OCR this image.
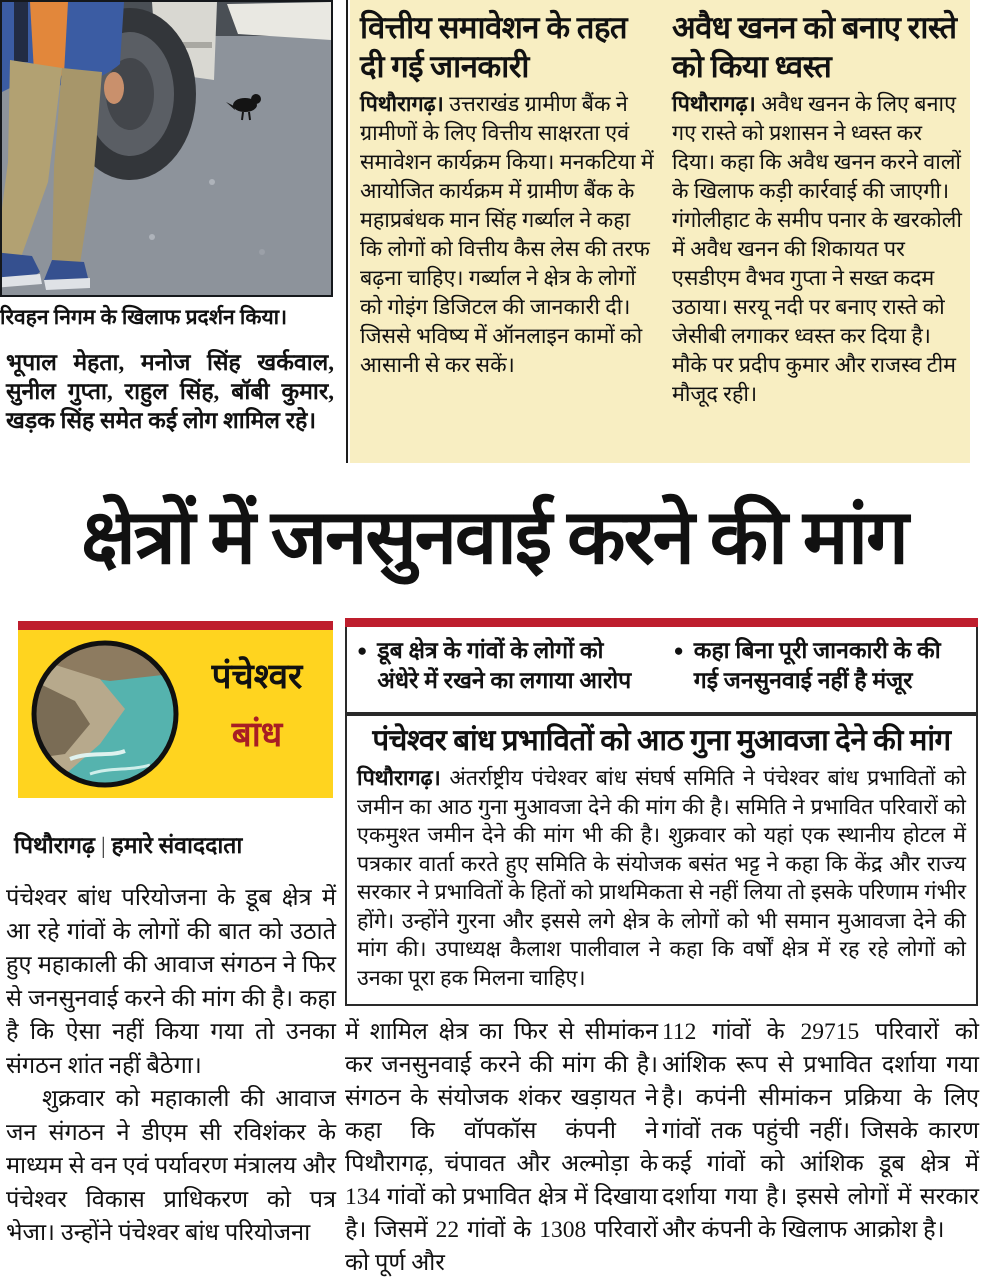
रिवहन निगम के खिलाफ प्रदर्शन किया।
भूपाल मेहता, मनोज सिंह खर्कवाल, सुनील गुप्ता, राहुल सिंह, बॉबी कुमार, खड़क सिंह समेत कई लोग शामिल रहे।
वित्तीय समावेशन के तहत दी गई जानकारी

पिथौरागढ़। उत्तराखंड ग्रामीण बैंक ने ग्रामीणों के लिए वित्तीय साक्षरता एवं समावेशन कार्यक्रम किया। मनकटिया में आयोजित कार्यक्रम में ग्रामीण बैंक के महाप्रबंधक मान सिंह गर्ब्याल ने कहा कि लोगों को वित्तीय कैस लेस की तरफ बढ़ना चाहिए। गर्ब्याल ने क्षेत्र के लोगों को गोइंग डिजिटल की जानकारी दी। जिससे भविष्य में ऑनलाइन कामों को आसानी से कर सकें।

अवैध खनन को बनाए रास्ते को किया ध्वस्त

पिथौरागढ़। अवैध खनन के लिए बनाए गए रास्ते को प्रशासन ने ध्वस्त कर दिया। कहा कि अवैध खनन करने वालों के खिलाफ कड़ी कार्रवाई की जाएगी। गंगोलीहाट के समीप पनार के खरकोली में अवैध खनन की शिकायत पर एसडीएम वैभव गुप्ता ने सख्त कदम उठाया। सरयू नदी पर बनाए रास्ते को जेसीबी लगाकर ध्वस्त कर दिया है। मौके पर प्रदीप कुमार और राजस्व टीम मौजूद रही।

क्षेत्रों में जनसुनवाई करने की मांग
पंचेश्वर
बांध
पिथौरागढ़ | हमारे संवाददाता

पंचेश्वर बांध परियोजना के डूब क्षेत्र में आ रहे गांवों के लोगों की बात को उठाते हुए महाकाली की आवाज संगठन ने फिर से जनसुनवाई करने की मांग की है। कहा है कि ऐसा नहीं किया गया तो उनका संगठन शांत नहीं बैठेगा।

शुक्रवार को महाकाली की आवाज जन संगठन ने डीएम सी रविशंकर के माध्यम से वन एवं पर्यावरण मंत्रालय और पंचेश्वर विकास प्राधिकरण को पत्र भेजा। उन्होंने पंचेश्वर बांध परियोजना

● डूब क्षेत्र के गांवों के लोगों को अंधेरे में रखने का लगाया आरोप
● कहा बिना पूरी जानकारी के की गई जनसुनवाई नहीं है मंजूर
पंचेश्वर बांध प्रभावितों को आठ गुना मुआवजा देने की मांग

पिथौरागढ़। अंतर्राष्ट्रीय पंचेश्वर बांध संघर्ष समिति ने पंचेश्वर बांध प्रभावितों को जमीन का आठ गुना मुआवजा देने की मांग की है। समिति ने प्रभावित परिवारों को एकमुश्त जमीन देने की मांग भी की है। शुक्रवार को यहां एक स्थानीय होटल में पत्रकार वार्ता करते हुए समिति के संयोजक बसंत भट्ट ने कहा कि केंद्र और राज्य सरकार ने प्रभावितों के हितों को प्राथमिकता से नहीं लिया तो इसके परिणाम गंभीर होंगे। उन्होंने गुरना और इससे लगे क्षेत्र के लोगों को भी समान मुआवजा देने की मांग की। उपाध्यक्ष कैलाश पालीवाल ने कहा कि वर्षों क्षेत्र में रह रहे लोगों को उनका पूरा हक मिलना चाहिए।

में शामिल क्षेत्र का फिर से सीमांकन कर जनसुनवाई करने की मांग की है। संगठन के संयोजक शंकर खड़ायत ने कहा कि वॉपकॉस कंपनी ने पिथौरागढ़, चंपावत और अल्मोड़ा के 134 गांवों को प्रभावित क्षेत्र में दिखाया है। जिसमें 22 गांवों के 1308 परिवारों को पूर्ण और
112 गांवों के 29715 परिवारों को आंशिक रूप से प्रभावित दर्शाया गया है। कपंनी सीमांकन प्रक्रिया के लिए गांवों तक पहुंची नहीं। जिसके कारण कई गांवों को आंशिक डूब क्षेत्र में दर्शाया गया है। इससे लोगों में सरकार और कंपनी के खिलाफ आक्रोश है।
